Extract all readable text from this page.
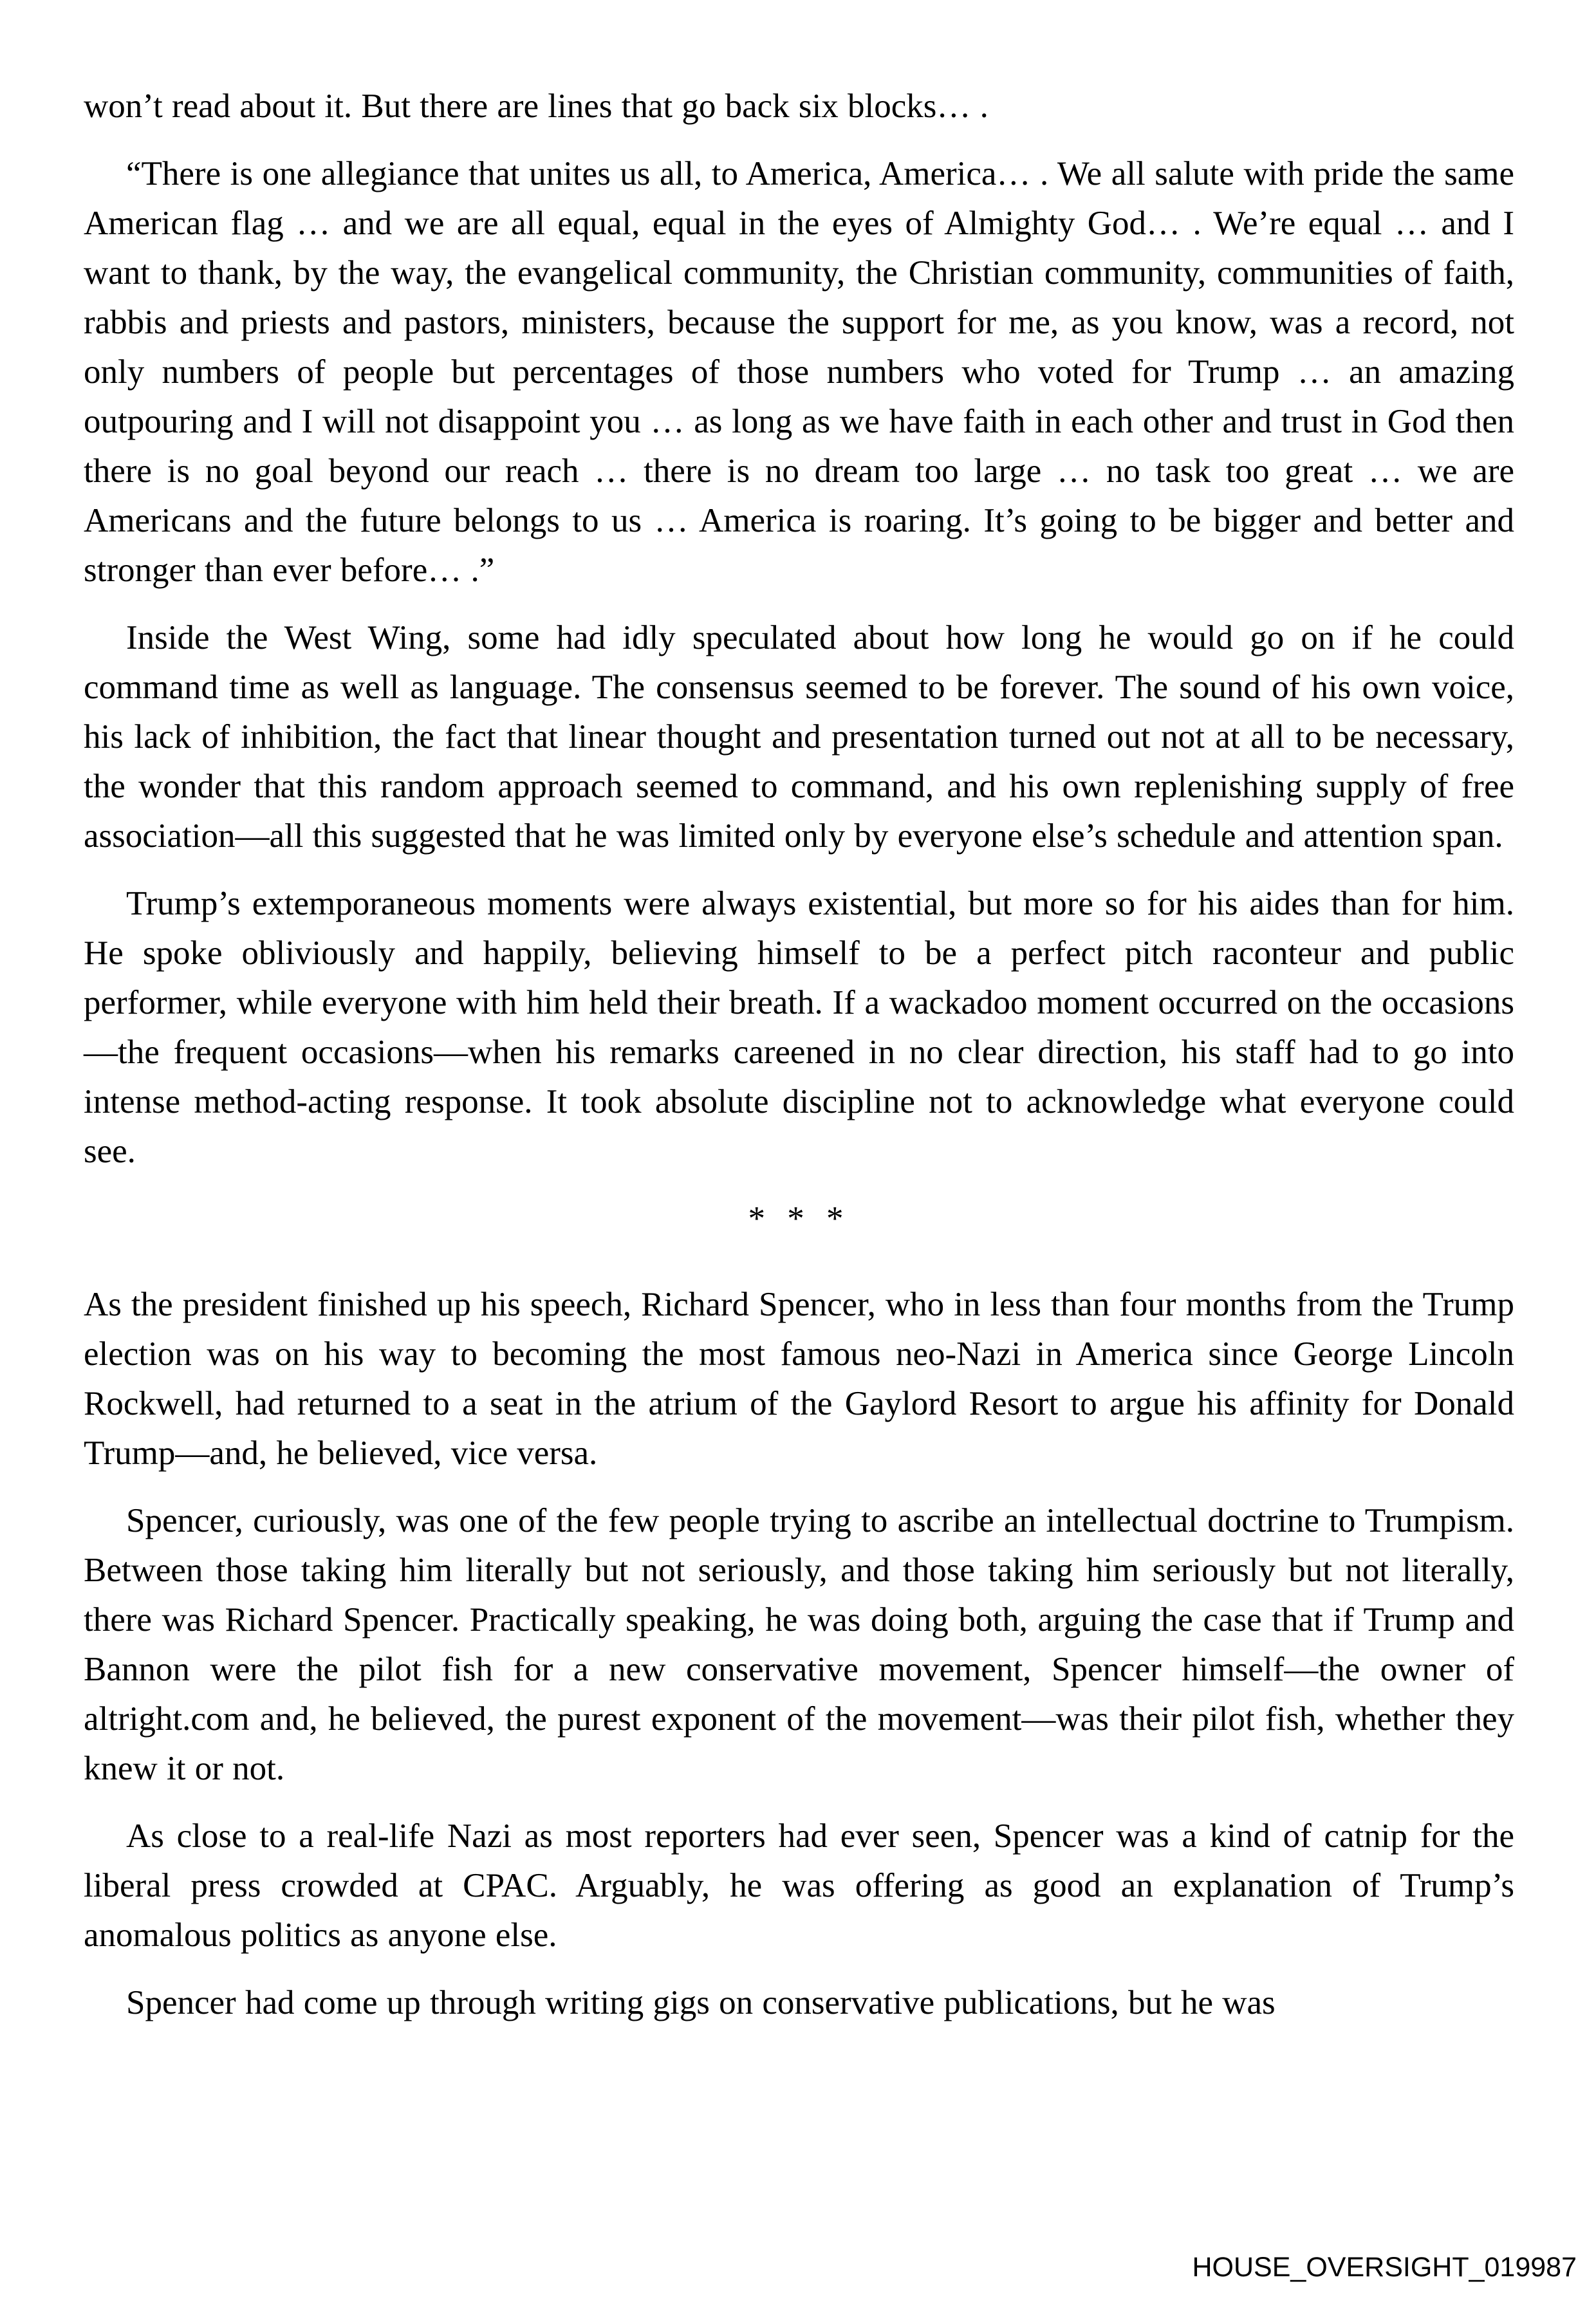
won’t read about it. But there are lines that go back six blocks… .

“There is one allegiance that unites us all, to America, America… . We all salute with pride the same American flag … and we are all equal, equal in the eyes of Almighty God… . We’re equal … and I want to thank, by the way, the evangelical community, the Christian community, communities of faith, rabbis and priests and pastors, ministers, because the support for me, as you know, was a record, not only numbers of people but percentages of those numbers who voted for Trump … an amazing outpouring and I will not disappoint you … as long as we have faith in each other and trust in God then there is no goal beyond our reach … there is no dream too large … no task too great … we are Americans and the future belongs to us … America is roaring. It’s going to be bigger and better and stronger than ever before… .”

Inside the West Wing, some had idly speculated about how long he would go on if he could command time as well as language. The consensus seemed to be forever. The sound of his own voice, his lack of inhibition, the fact that linear thought and presentation turned out not at all to be necessary, the wonder that this random approach seemed to command, and his own replenishing supply of free association—all this suggested that he was limited only by everyone else’s schedule and attention span.

Trump’s extemporaneous moments were always existential, but more so for his aides than for him. He spoke obliviously and happily, believing himself to be a perfect pitch raconteur and public performer, while everyone with him held their breath. If a wackadoo moment occurred on the occasions—the frequent occasions—when his remarks careened in no clear direction, his staff had to go into intense method-acting response. It took absolute discipline not to acknowledge what everyone could see.

* * *

As the president finished up his speech, Richard Spencer, who in less than four months from the Trump election was on his way to becoming the most famous neo-Nazi in America since George Lincoln Rockwell, had returned to a seat in the atrium of the Gaylord Resort to argue his affinity for Donald Trump—and, he believed, vice versa.

Spencer, curiously, was one of the few people trying to ascribe an intellectual doctrine to Trumpism. Between those taking him literally but not seriously, and those taking him seriously but not literally, there was Richard Spencer. Practically speaking, he was doing both, arguing the case that if Trump and Bannon were the pilot fish for a new conservative movement, Spencer himself—the owner of altright.com and, he believed, the purest exponent of the movement—was their pilot fish, whether they knew it or not.

As close to a real-life Nazi as most reporters had ever seen, Spencer was a kind of catnip for the liberal press crowded at CPAC. Arguably, he was offering as good an explanation of Trump’s anomalous politics as anyone else.

Spencer had come up through writing gigs on conservative publications, but he was

HOUSE_OVERSIGHT_019987
